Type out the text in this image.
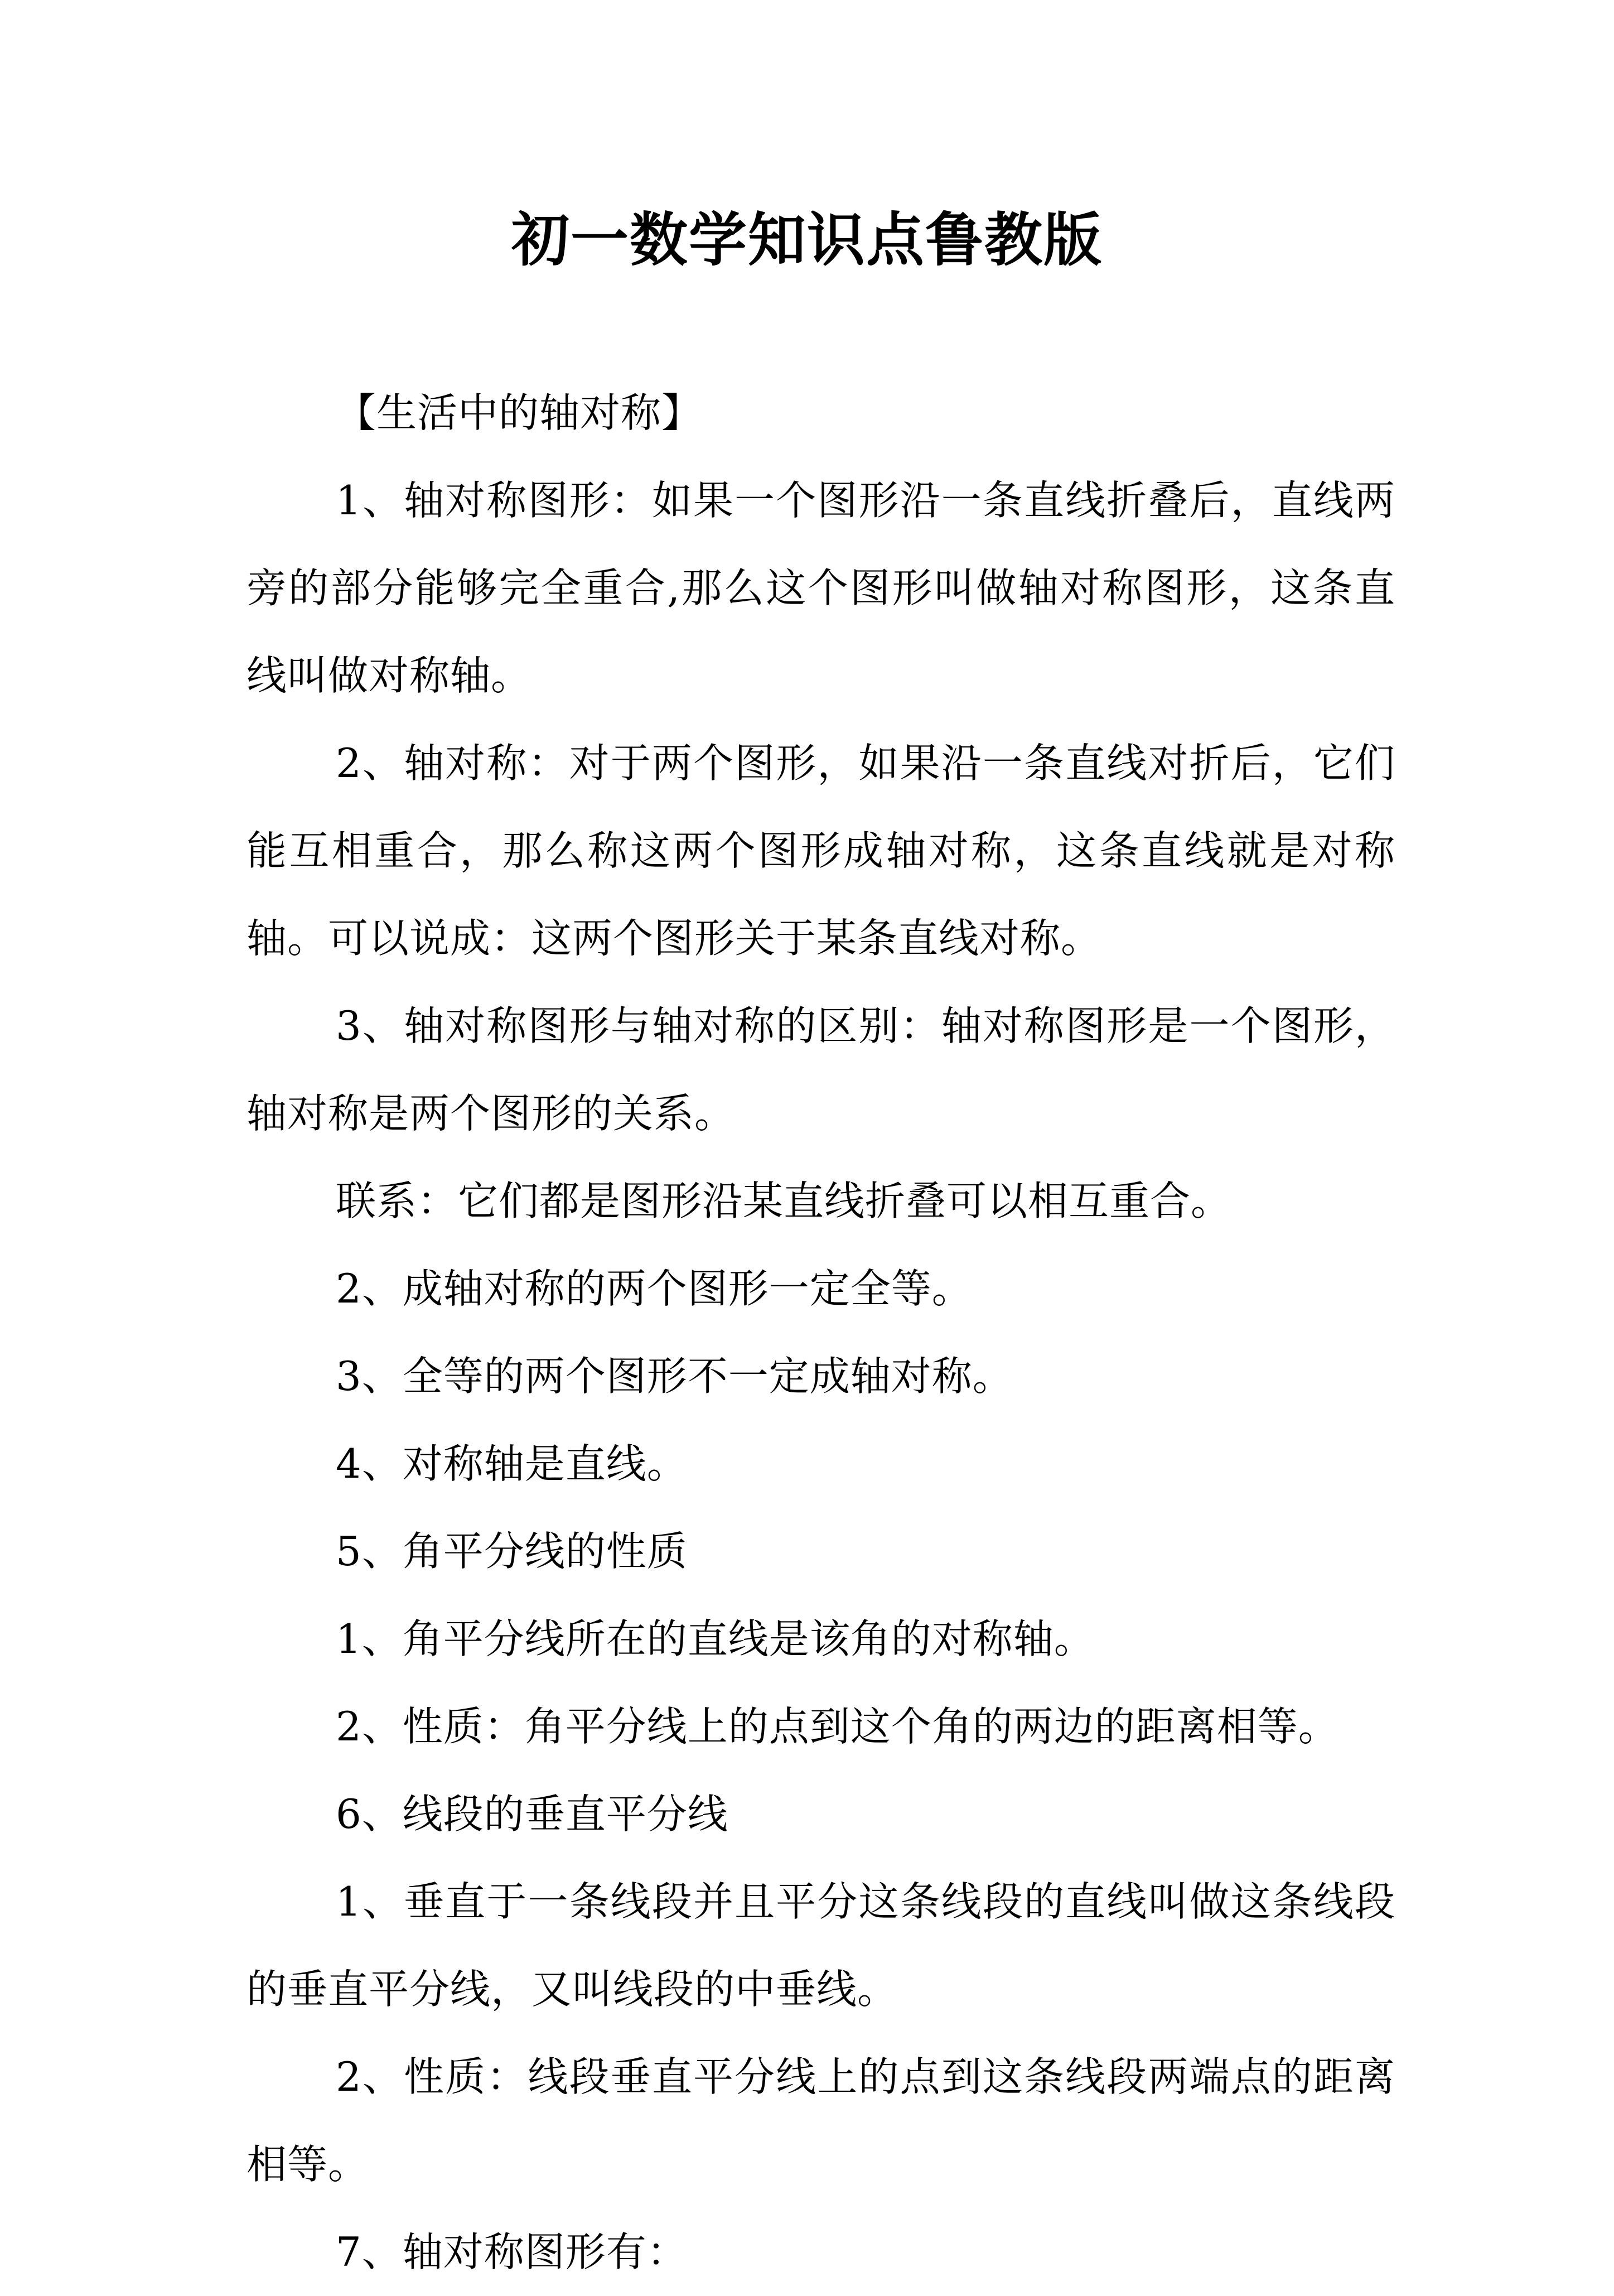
初一数学知识点鲁教版

【生活中的轴对称】

1、轴对称图形：如果一个图形沿一条直线折叠后，直线两旁的部分能够完全重合,那么这个图形叫做轴对称图形，这条直线叫做对称轴。

2、轴对称：对于两个图形，如果沿一条直线对折后，它们能互相重合，那么称这两个图形成轴对称，这条直线就是对称轴。可以说成：这两个图形关于某条直线对称。

3、轴对称图形与轴对称的区别：轴对称图形是一个图形，轴对称是两个图形的关系。

联系：它们都是图形沿某直线折叠可以相互重合。

2、成轴对称的两个图形一定全等。

3、全等的两个图形不一定成轴对称。

4、对称轴是直线。

5、角平分线的性质

1、角平分线所在的直线是该角的对称轴。

2、性质：角平分线上的点到这个角的两边的距离相等。

6、线段的垂直平分线

1、垂直于一条线段并且平分这条线段的直线叫做这条线段的垂直平分线，又叫线段的中垂线。

2、性质：线段垂直平分线上的点到这条线段两端点的距离相等。

7、轴对称图形有：
